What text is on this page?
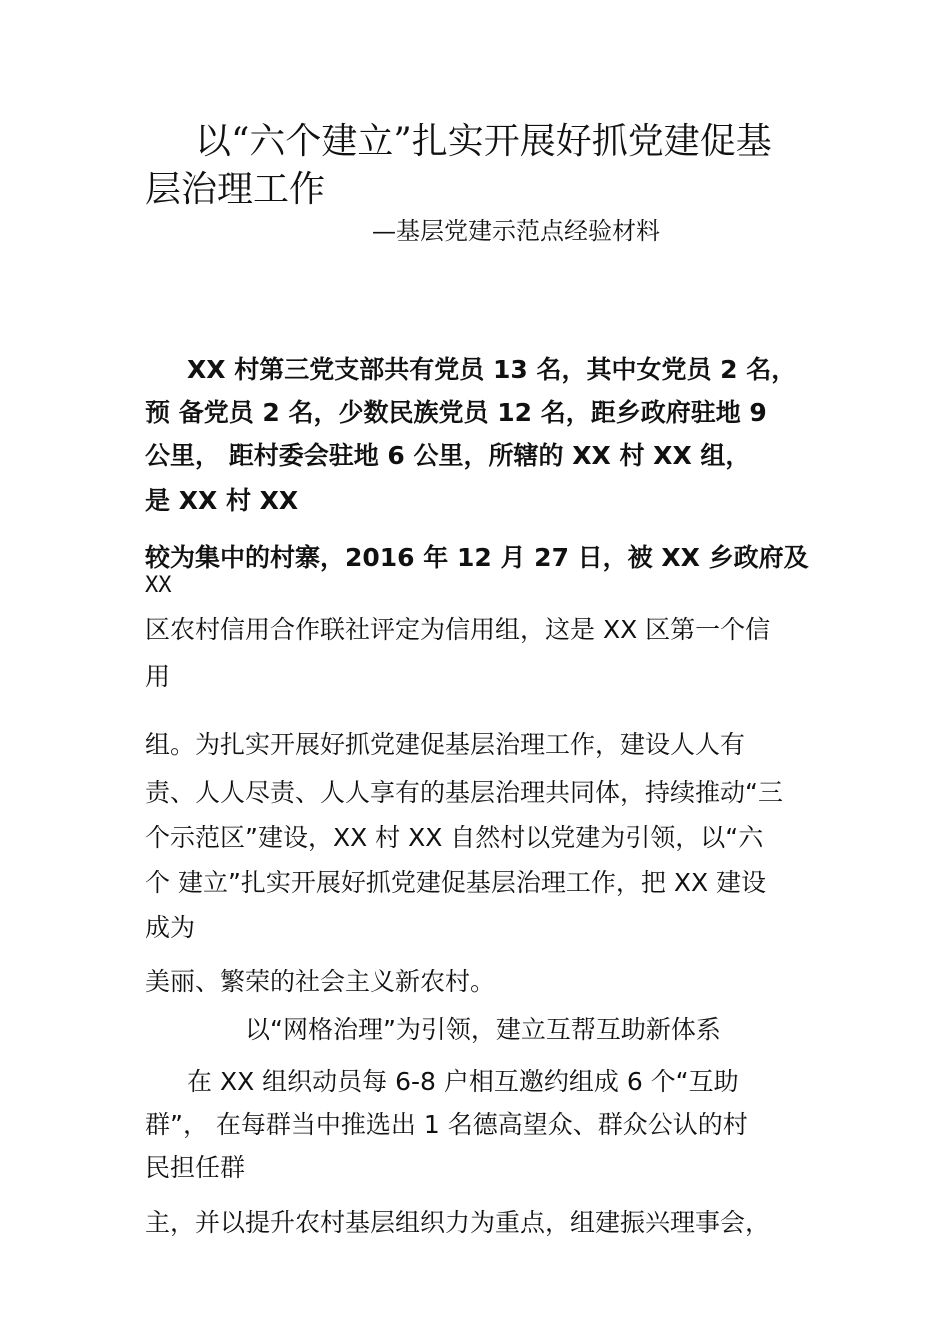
以“六个建立”扎实开展好抓党建促基层治理工作

—基层党建示范点经验材料

XX 村第三党支部共有党员 13 名，其中女党员 2 名，

预 备党员 2 名，少数民族党员 12 名，距乡政府驻地 9

公里， 距村委会驻地 6 公里，所辖的 XX 村 XX 组，

是 XX 村 XX

较为集中的村寨，2016 年 12 月 27 日，被 XX 乡政府及

XX

区农村信用合作联社评定为信用组，这是 XX 区第一个信

用

组。为扎实开展好抓党建促基层治理工作，建设人人有

责、人人尽责、人人享有的基层治理共同体，持续推动“三

个示范区”建设，XX 村 XX 自然村以党建为引领，以“六

个 建立”扎实开展好抓党建促基层治理工作，把 XX 建设

成为

美丽、繁荣的社会主义新农村。

以“网格治理”为引领，建立互帮互助新体系

在 XX 组织动员每 6-8 户相互邀约组成 6 个“互助

群”， 在每群当中推选出 1 名德高望众、群众公认的村

民担任群

主，并以提升农村基层组织力为重点，组建振兴理事会，
